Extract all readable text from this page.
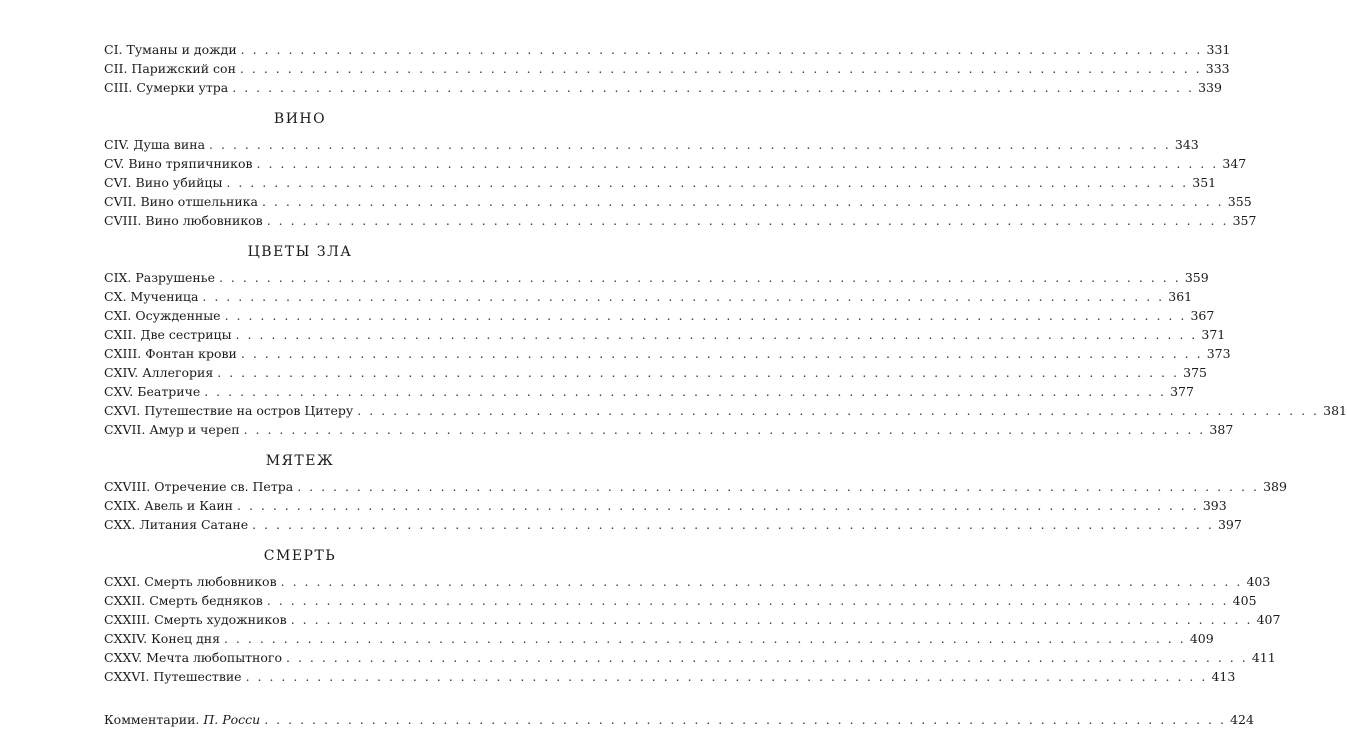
CI. Туманы и дожди . . .	331
CII. Парижский сон . . .	333
CIII. Сумерки утра . . .	339
ВИНО
CIV. Душа вина . . .	343
CV. Вино тряпичников . . .	347
CVI. Вино убийцы . . .	351
CVII. Вино отшельника . . .	355
CVIII. Вино любовников . . .	357
ЦВЕТЫ ЗЛА
CIX. Разрушенье . . .	359
CX. Мученица . . .	361
CXI. Осужденные . . .	367
CXII. Две сестрицы . . .	371
CXIII. Фонтан крови . . .	373
CXIV. Аллегория . . .	375
CXV. Беатриче . . .	377
CXVI. Путешествие на остров Цитеру . . .	381
CXVII. Амур и череп . . .	387
МЯТЕЖ
CXVIII. Отречение св. Петра . . .	389
CXIX. Авель и Каин . . .	393
CXX. Литания Сатане . . .	397
СМЕРТЬ
CXXI. Смерть любовников . . .	403
CXXII. Смерть бедняков . . .	405
CXXIII. Смерть художников . . .	407
CXXIV. Конец дня . . .	409
CXXV. Мечта любопытного . . .	411
CXXVI. Путешествие . . .	413
Комментарии. П. Росси . . .	424
